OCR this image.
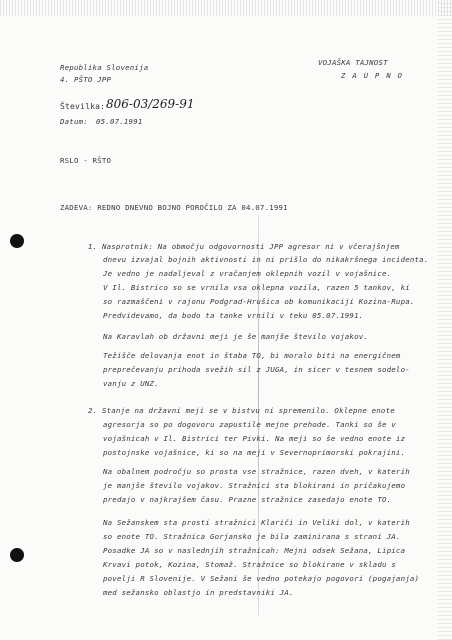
Republika Slovenija
4. PŠTO JPP
VOJAŠKA TAJNOST
Z A U P N O
Številka: 806-03/269-91
Datum: 05.07.1991
RSLO - RŠTO
ZADEVA: REDNO DNEVNO BOJNO POROČILO ZA 04.07.1991
1. Nasprotnik: Na območju odgovornosti JPP agresor ni v včerajšnjem
dnevu izvajal bojnih aktivnosti in ni prišlo do nikakršnega incidenta.
Je vedno je nadaljeval z vračanjem oklepnih vozil v vojašnice.
V Il. Bistrico so se vrnila vsa oklepna vozila, razen 5 tankov, ki
so razmaščeni v rajonu Podgrad-Hrušica ob komunikaciji Kozina-Rupa.
Predvidevamo, da bodo ta tanke vrnili v teku 05.07.1991.
Na Karavlah ob državni meji je še manjše število vojakov.
Težišče delovanja enot in štaba TO, bi moralo biti na energičnem
preprečevanju prihoda svežih sil z JUGA, in sicer v tesnem sodelo-
vanju z UNZ.
2. Stanje na državni meji se v bistvu ni spremenilo. Oklepne enote
agresorja so po dogovoru zapustile mejne prehode. Tanki so še v
vojašnicah v Il. Bistrici ter Pivki. Na meji so še vedno enote iz
postojnske vojašnice, ki so na meji v Severnoprimorski pokrajini.
Na obalnem področju so prosta vse stražnice, razen dveh, v katerih
je manjše število vojakov. Stražnici sta blokirani in pričakujemo
predajo v najkrajšem času. Prazne stražnice zasedajo enote TO.
Na Sežanskem sta prosti stražnici Klariči in Veliki dol, v katerih
so enote TO. Stražnica Gorjansko je bila zaminirana s strani JA.
Posadke JA so v naslednjih stražnicah: Mejni odsek Sežana, Lipica
Krvavi potok, Kozina, Stomaž. Stražnice so blokirane v skladu s
povelji R Slovenije. V Sežani še vedno potekajo pogovori (pogajanja)
med sežansko oblastjo in predstavniki JA.
